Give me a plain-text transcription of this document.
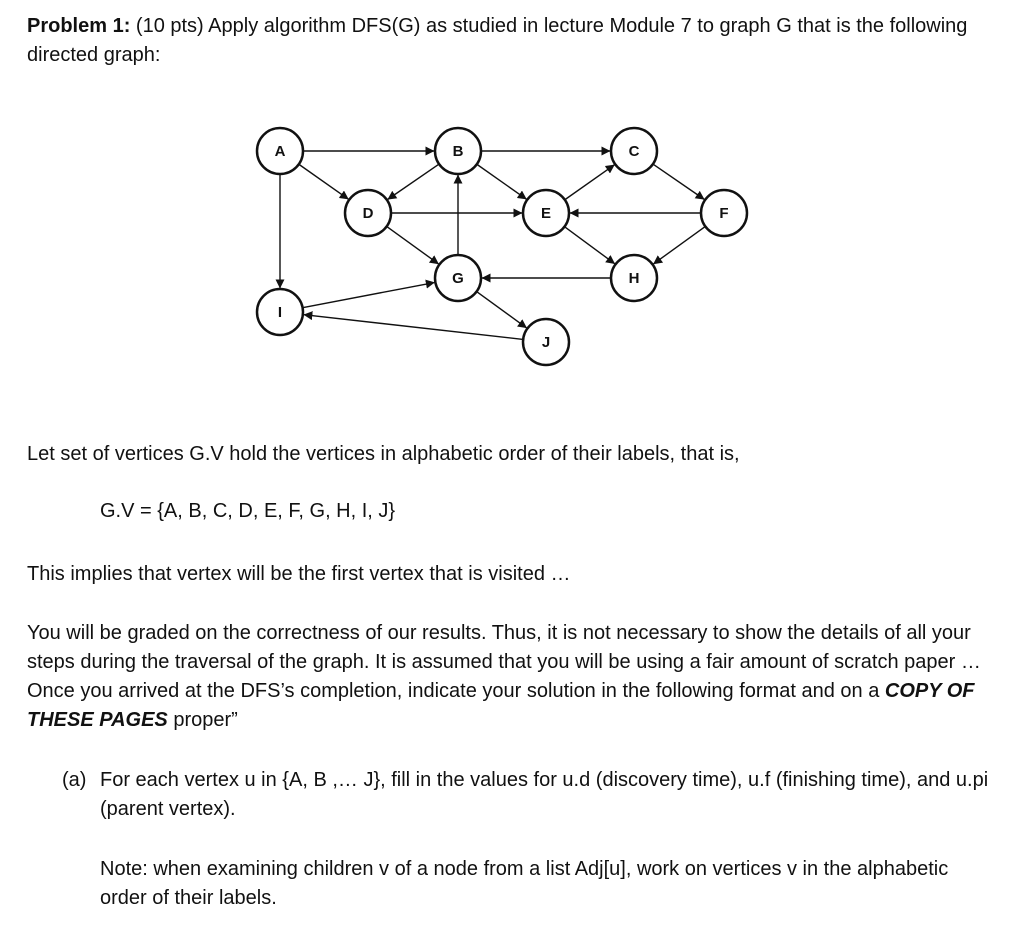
Problem 1: (10 pts) Apply algorithm DFS(G) as studied in lecture Module 7 to graph G that is the following directed graph:

A	B	C
D	E	F
G	H
I
J

Let set of vertices G.V hold the vertices in alphabetic order of their labels, that is,

G.V = {A, B, C, D, E, F, G, H, I, J}

This implies that vertex will be the first vertex that is visited …

You will be graded on the correctness of our results. Thus, it is not necessary to show the details of all your steps during the traversal of the graph. It is assumed that you will be using a fair amount of scratch paper … Once you arrived at the DFS’s completion, indicate your solution in the following format and on a COPY OF THESE PAGES proper”

(a) For each vertex u in {A, B ,… J}, fill in the values for u.d (discovery time), u.f (finishing time), and u.pi (parent vertex).

Note: when examining children v of a node from a list Adj[u], work on vertices v in the alphabetic order of their labels.
